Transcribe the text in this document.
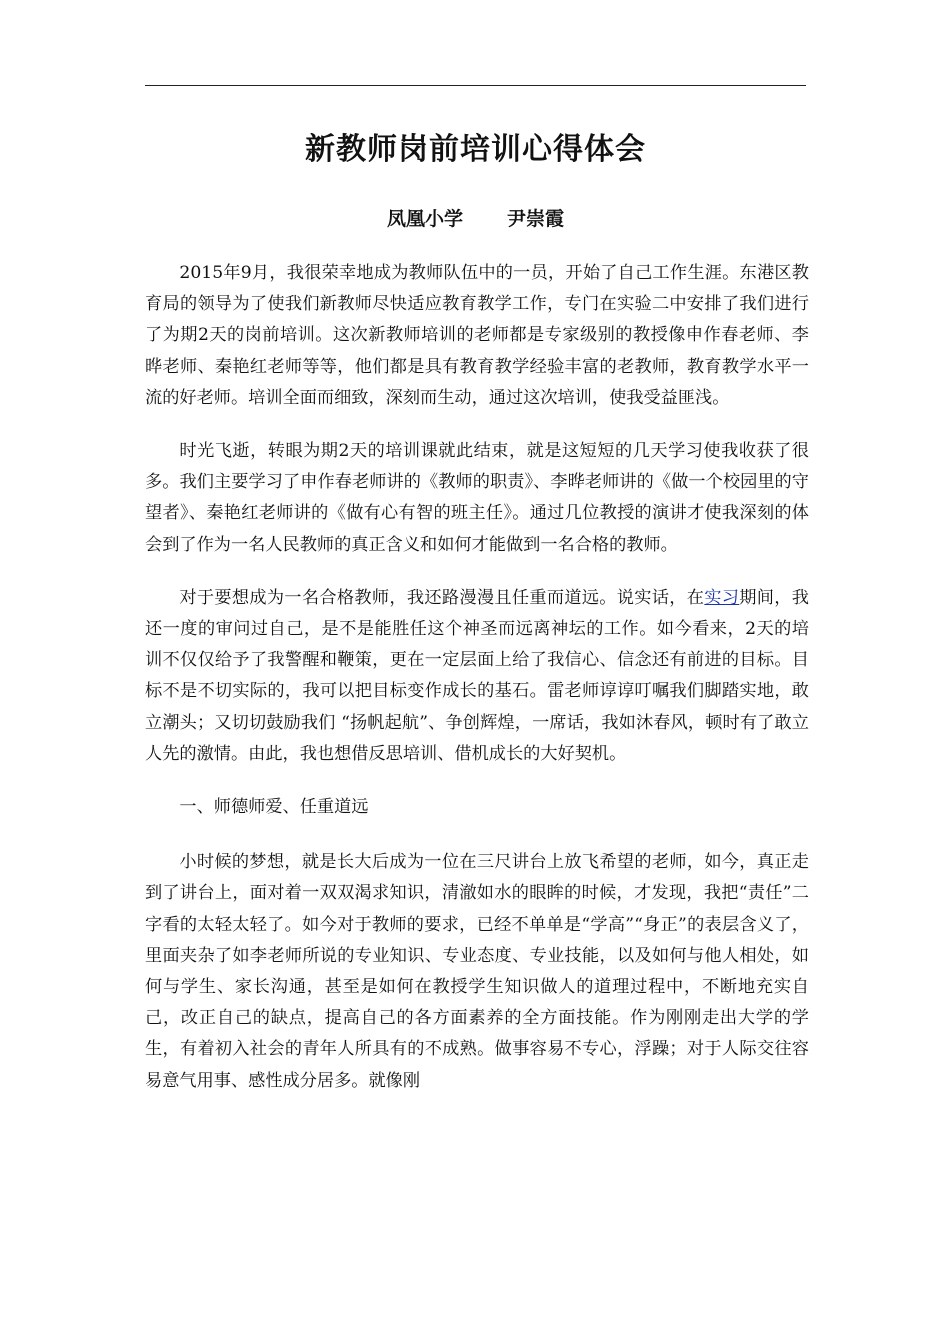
新教师岗前培训心得体会
凤凰小学 尹崇霞

2015年9月，我很荣幸地成为教师队伍中的一员，开始了自己工作生涯。东港区教育局的领导为了使我们新教师尽快适应教育教学工作，专门在实验二中安排了我们进行了为期2天的岗前培训。这次新教师培训的老师都是专家级别的教授像申作春老师、李晔老师、秦艳红老师等等，他们都是具有教育教学经验丰富的老教师，教育教学水平一流的好老师。培训全面而细致，深刻而生动，通过这次培训，使我受益匪浅。

时光飞逝，转眼为期2天的培训课就此结束，就是这短短的几天学习使我收获了很多。我们主要学习了申作春老师讲的《教师的职责》、李晔老师讲的《做一个校园里的守望者》、秦艳红老师讲的《做有心有智的班主任》。通过几位教授的演讲才使我深刻的体会到了作为一名人民教师的真正含义和如何才能做到一名合格的教师。

对于要想成为一名合格教师，我还路漫漫且任重而道远。说实话，在实习期间，我还一度的审问过自己，是不是能胜任这个神圣而远离神坛的工作。如今看来，2天的培训不仅仅给予了我警醒和鞭策，更在一定层面上给了我信心、信念还有前进的目标。目标不是不切实际的，我可以把目标变作成长的基石。雷老师谆谆叮嘱我们脚踏实地，敢立潮头；又切切鼓励我们 “扬帆起航”、争创辉煌，一席话，我如沐春风，顿时有了敢立人先的激情。由此，我也想借反思培训、借机成长的大好契机。

一、师德师爱、任重道远

小时候的梦想，就是长大后成为一位在三尺讲台上放飞希望的老师，如今，真正走到了讲台上，面对着一双双渴求知识，清澈如水的眼眸的时候，才发现，我把“责任”二字看的太轻太轻了。如今对于教师的要求，已经不单单是“学高”“身正”的表层含义了，里面夹杂了如李老师所说的专业知识、专业态度、专业技能，以及如何与他人相处，如何与学生、家长沟通，甚至是如何在教授学生知识做人的道理过程中，不断地充实自己，改正自己的缺点，提高自己的各方面素养的全方面技能。作为刚刚走出大学的学生，有着初入社会的青年人所具有的不成熟。做事容易不专心，浮躁；对于人际交往容易意气用事、感性成分居多。就像刚
